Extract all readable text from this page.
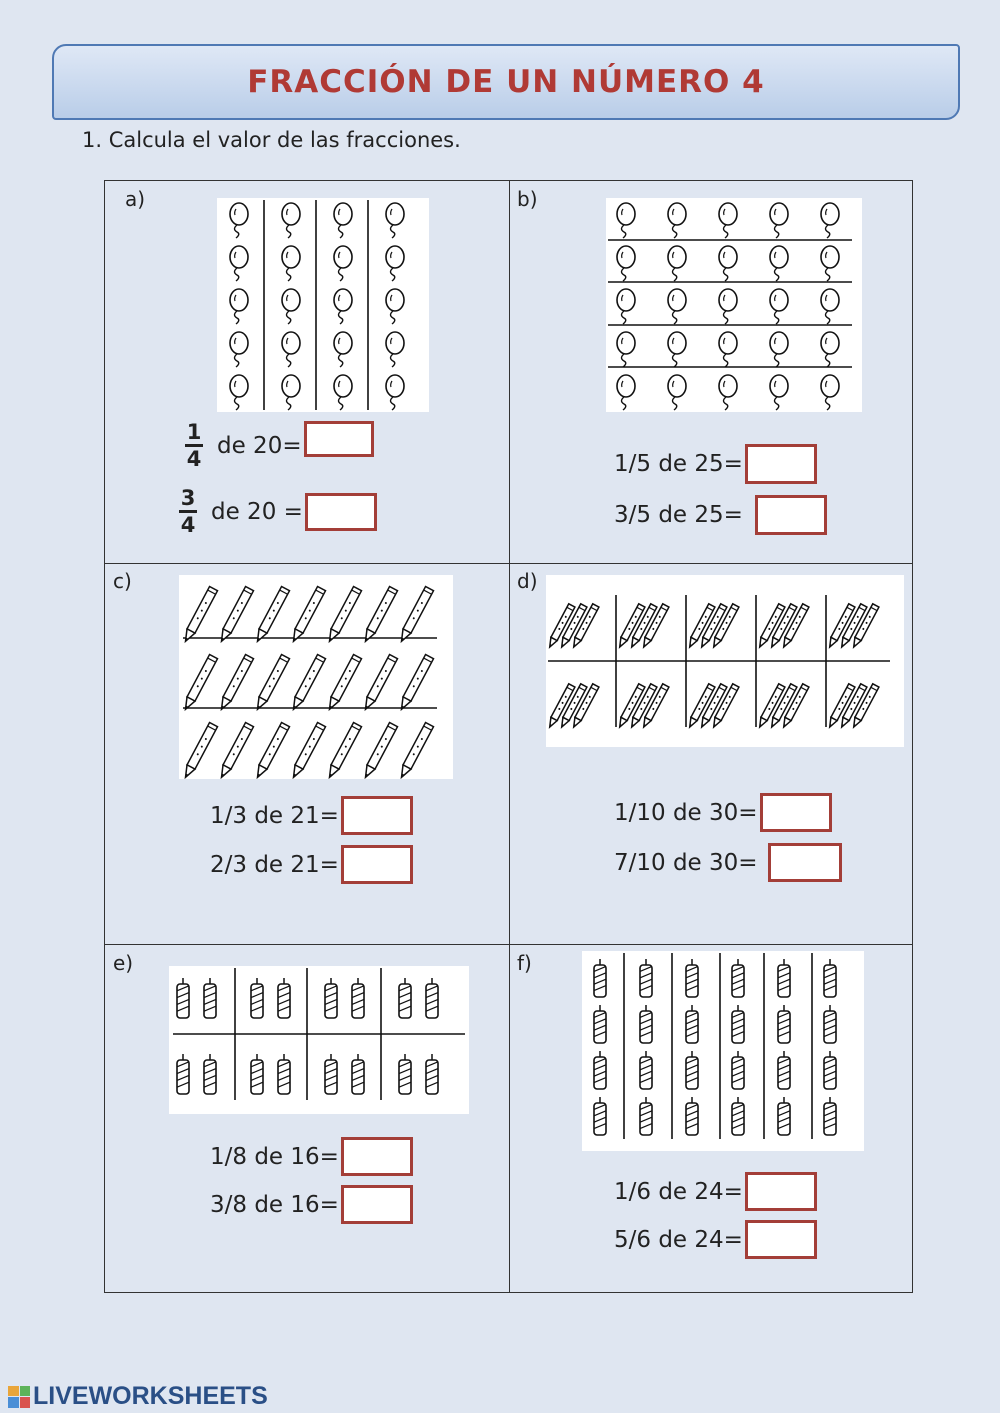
FRACCIÓN DE UN NÚMERO 4
1. Calcula el valor de las fracciones.
a)
$\frac{1}{4}$ de 20=
$\frac{3}{4}$ de 20 =
b)
1/5 de 25=
3/5 de 25=
c)
1/3 de 21=
2/3 de 21=
d)
1/10 de 30=
7/10 de 30=
e)
1/8 de 16=
3/8 de 16=
f)
1/6 de 24=
5/6 de 24=
LIVEWORKSHEETS
